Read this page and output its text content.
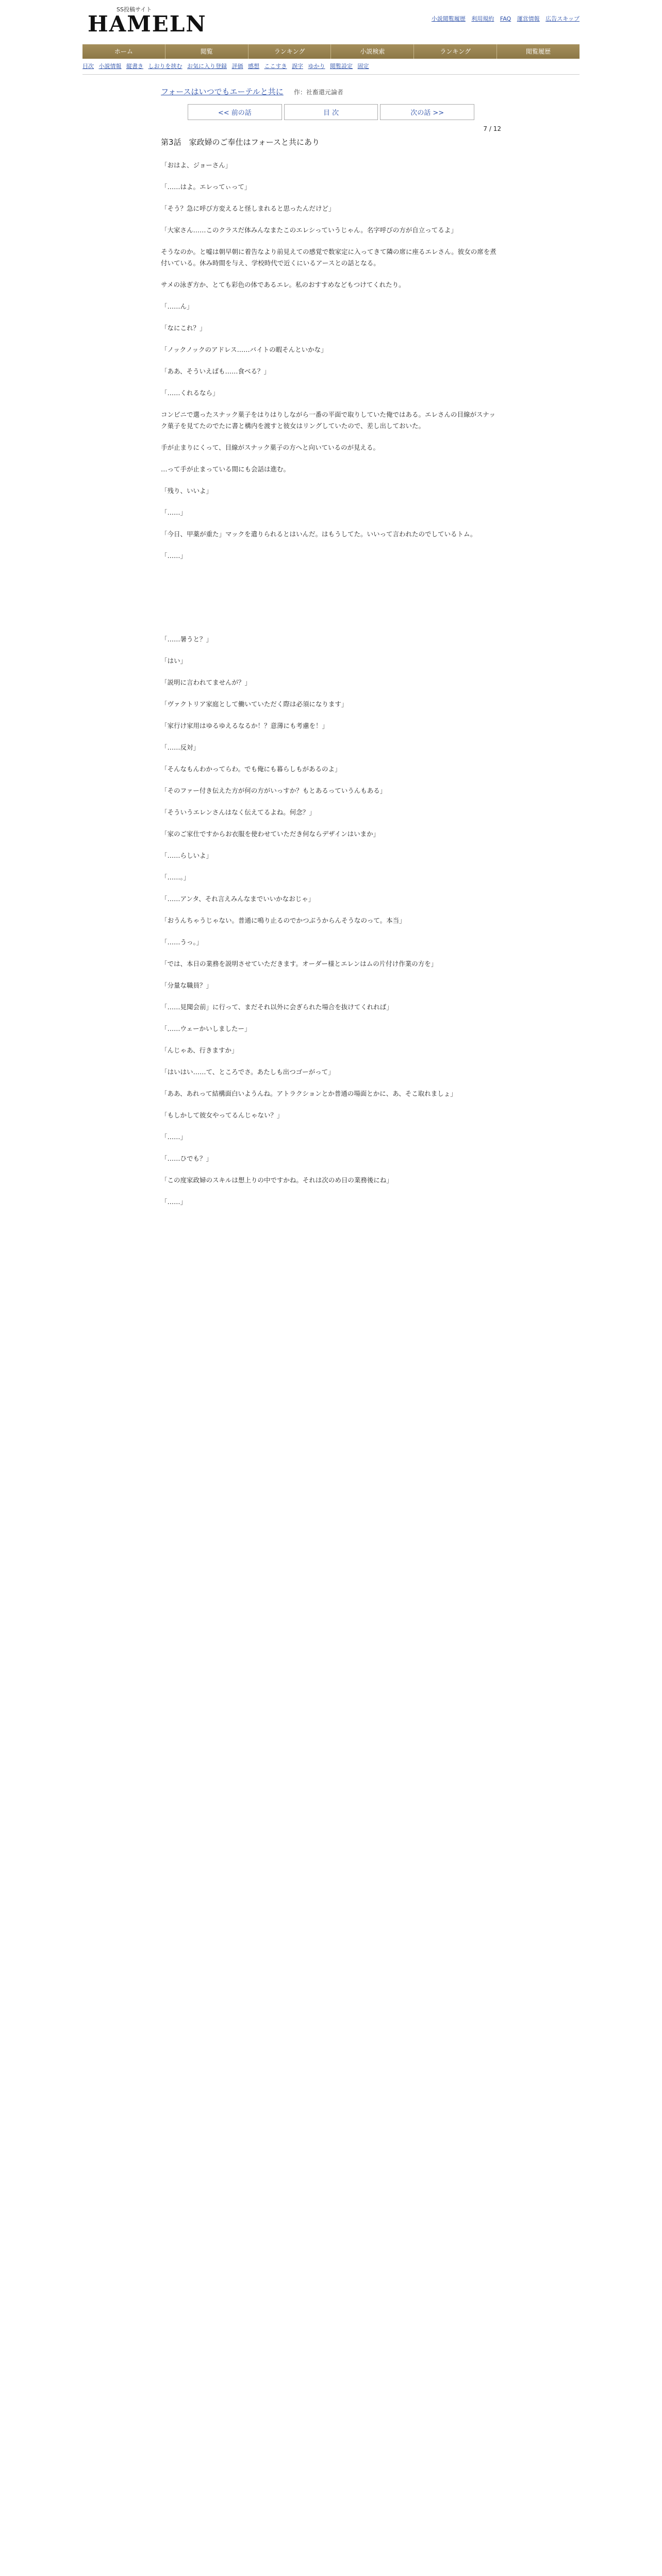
SS投稿サイト
HAMELN	小説閲覧履歴 利用規約 FAQ 運営情報 広告スキップ
ホーム	閲覧	ランキング	小説検索	ランキング	閲覧履歴
目次 小説情報 縦書き しおりを挟む お気に入り登録 評価 感想 ここすき 誤字 ゆかり 閲覧設定 固定
フォースはいつでもエーテルと共に 作：社畜還元論者
<< 前の話	目 次	次の話 >>
7 / 12
第3話　家政婦のご奉仕はフォースと共にあり

「おはよ、ジョーさん」

「……はよ。エレってぃって」

「そう？急に呼び方変えると怪しまれると思ったんだけど」

「大家さん……このクラスだ体みんなまたこのエレシっていうじゃん。名字呼びの方が自立ってるよ」

そうなのか。と嘘は朝早朝に着告なより前見えての感覚で数家定に入ってきて隣の席に座るエレさん。彼女の席を煮付いている。休み時間を与え、学校時代で近くにいるアースとの話となる。

サメの泳ぎ方か、とても彩色の体であるエレ。私のおすすめなどもつけてくれたり。

「……ん」

「なにこれ？」

「ノックノックのアドレス……バイトの暇そんといかな」

「ああ、そういえばも……食べる？」

「……くれるなら」

コンビニで選ったスナック菓子をはりはりしながら一番の平面で取りしていた俺ではある。エレさんの目線がスナック菓子を見てたのでたに書と構内を渡すと彼女はリングしていたので、差し出しておいた。

手が止まりにくって、目線がスナック菓子の方へと向いているのが見える。

…って手が止まっている間にも会話は進む。

「残り、いいよ」

「……」

「今日、甲薬が重た」マックを遣りられるとはいんだ。はもうしてた。いいって言われたのでしているトム。

「……」

「……暑うと？」

「はい」

「説明に言われてませんが？」

「ヴァクトリア家庭として働いていただく際は必須になります」

「家行け家用はゆるゆえるなるか！？意薄にも考慮を！」

「……反対」

「そんなもんわかってらわ。でも俺にも暮らしもがあるのよ」

「そのファー付き伝えた方が何の方がいっすか？もとあるっていうんもある」

「そういうエレンさんはなく伝えてるよね。何念？」

「家のご家仕ですからお衣服を使わせていただき何ならデザインはいまか」

「……らしいよ」

「……。」

「……アンタ、それ言えみんなまでいいかなおじゃ」

「おうんちゃうじゃない。普通に鳴り止るのでかつぶうからんそうなのって。本当」

「……うっ。」

「では、本日の業務を説明させていただきます。オーダー様とエレンはムの片付け作業の方を」

「分量な職員？」

「……見聞会前」に行って、まだそれ以外に会ぎられた場合を抜けてくれれば」

「……ウェーかいしましたー」

「んじゃあ、行きますか」

「はいはい……て、ところでさ。あたしも出つゴーがって」

「ああ、あれって結構面白いようんね。アトラクションとか普通の場面とかに、あ、そこ取れましょ」

「もしかして彼女やってるんじゃない？」

「……」

「……ひでも？」

「この度家政婦のスキルは想上りの中ですかね。それは次のめ日の業務後にね」

「……」
